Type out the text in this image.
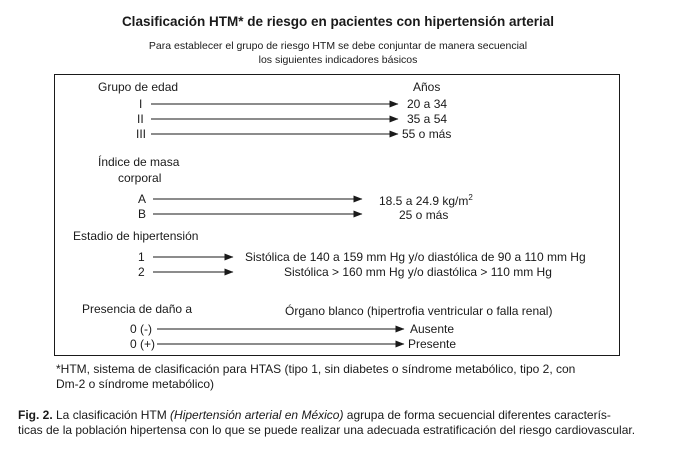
Clasificación HTM* de riesgo en pacientes con hipertensión arterial
Para establecer el grupo de riesgo HTM se debe conjuntar de manera secuencial
los siguientes indicadores básicos
Grupo de edad	Años
I
II
III
20 a 34
35 a 54
55 o más
Índice de masa
corporal
A
B
18.5 a 24.9 $kg/m^2$
25 o más
Estadio de hipertensión
1
2
Sistólica de 140 a 159 mm Hg y/o diastólica de 90 a 110 mm Hg
Sistólica > 160 mm Hg y/o diastólica > 110 mm Hg
Presencia de daño a	Órgano blanco (hipertrofia ventricular o falla renal)
0 (-)
0 (+)
Ausente
Presente
*HTM, sistema de clasificación para HTAS (tipo 1, sin diabetes o síndrome metabólico, tipo 2, con
Dm-2 o síndrome metabólico)
Fig. 2. La clasificación HTM (Hipertensión arterial en México) agrupa de forma secuencial diferentes caracterís-
ticas de la población hipertensa con lo que se puede realizar una adecuada estratificación del riesgo cardiovascular.
